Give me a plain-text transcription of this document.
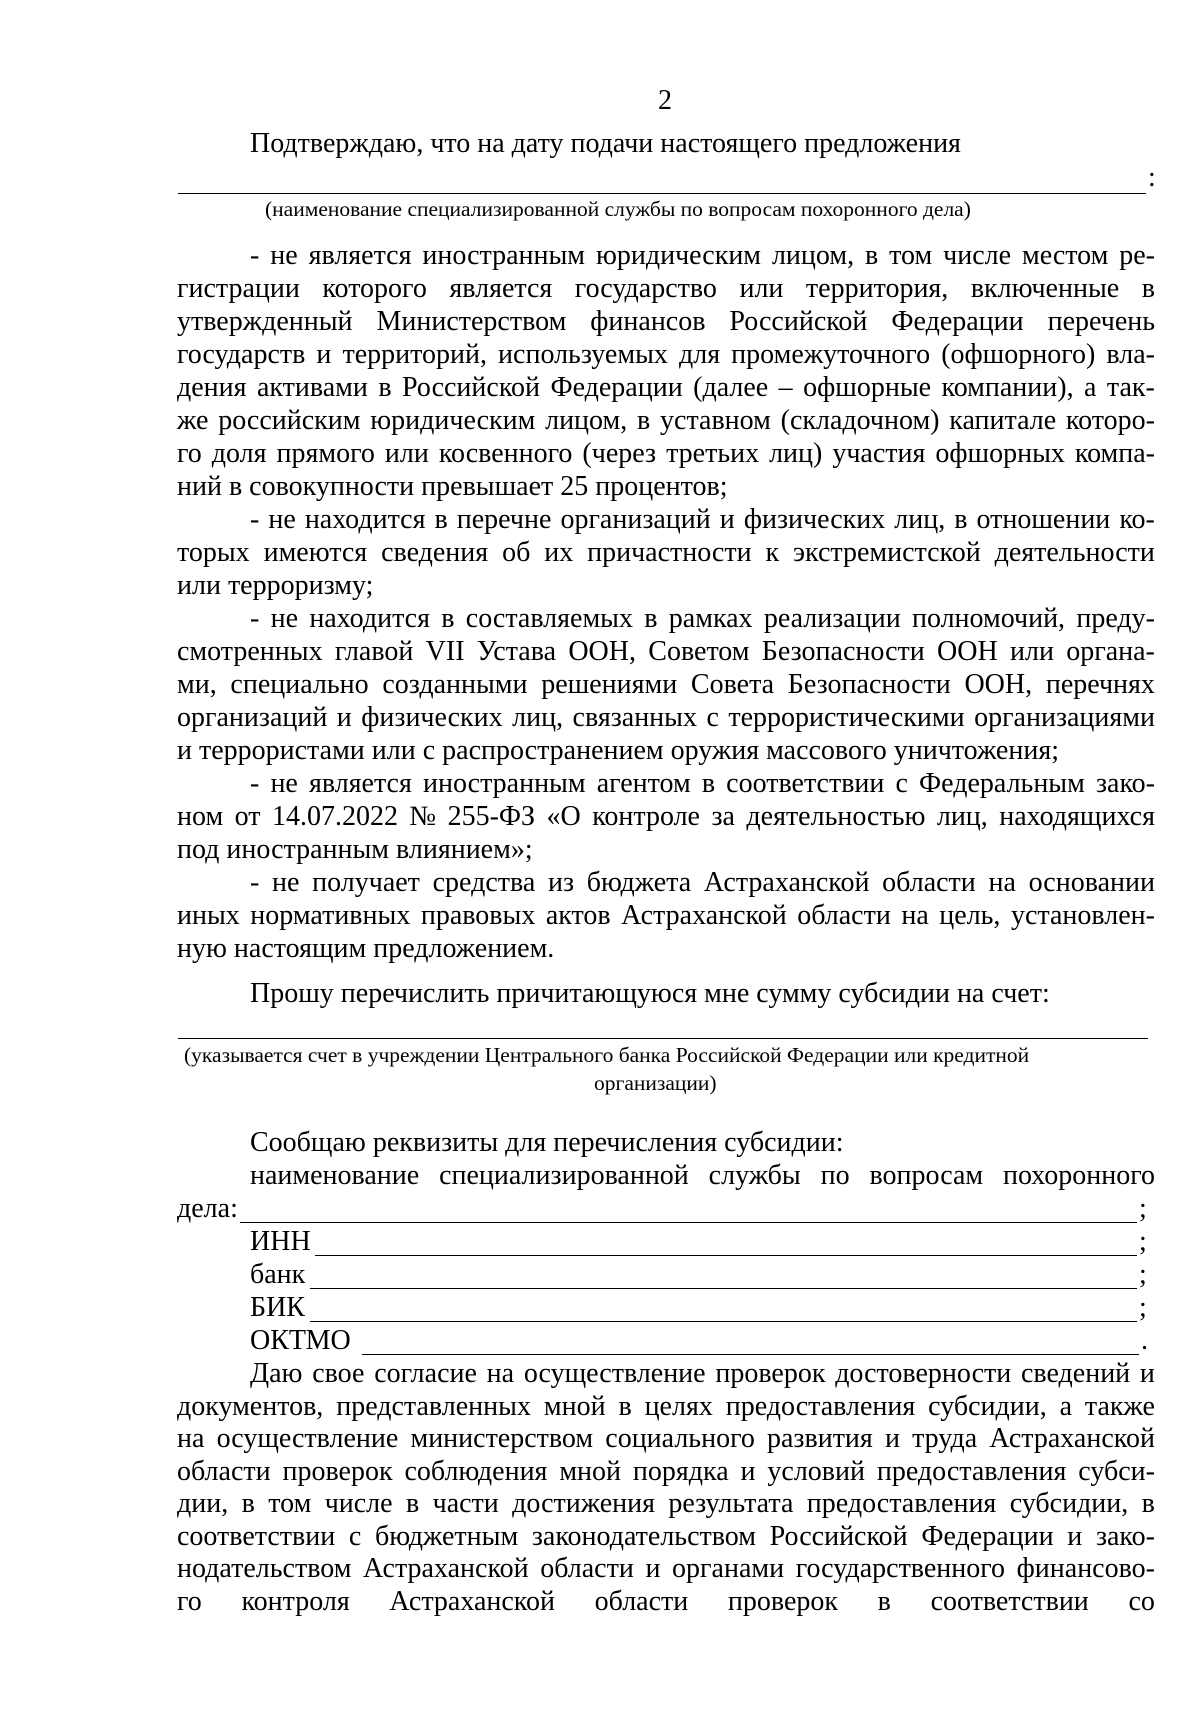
2
Подтверждаю, что на дату подачи настоящего предложения
:
(наименование специализированной службы по вопросам похоронного дела)
- не является иностранным юридическим лицом, в том числе местом ре-
гистрации которого является государство или территория, включенные в
утвержденный Министерством финансов Российской Федерации перечень
государств и территорий, используемых для промежуточного (офшорного) вла-
дения активами в Российской Федерации (далее – офшорные компании), а так-
же российским юридическим лицом, в уставном (складочном) капитале которо-
го доля прямого или косвенного (через третьих лиц) участия офшорных компа-
ний в совокупности превышает 25 процентов;
- не находится в перечне организаций и физических лиц, в отношении ко-
торых имеются сведения об их причастности к экстремистской деятельности
или терроризму;
- не находится в составляемых в рамках реализации полномочий, преду-
смотренных главой VII Устава ООН, Советом Безопасности ООН или органа-
ми, специально созданными решениями Совета Безопасности ООН, перечнях
организаций и физических лиц, связанных с террористическими организациями
и террористами или с распространением оружия массового уничтожения;
- не является иностранным агентом в соответствии с Федеральным зако-
ном от 14.07.2022 № 255-ФЗ «О контроле за деятельностью лиц, находящихся
под иностранным влиянием»;
- не получает средства из бюджета Астраханской области на основании
иных нормативных правовых актов Астраханской области на цель, установлен-
ную настоящим предложением.
Прошу перечислить причитающуюся мне сумму субсидии на счет:
(указывается счет в учреждении Центрального банка Российской Федерации или кредитной
организации)
Сообщаю реквизиты для перечисления субсидии:
наименование специализированной службы по вопросам похоронного
дела:	;
ИНН	;
банк	;
БИК	;
ОКТМО	.
Даю свое согласие на осуществление проверок достоверности сведений и
документов, представленных мной в целях предоставления субсидии, а также
на осуществление министерством социального развития и труда Астраханской
области проверок соблюдения мной порядка и условий предоставления субси-
дии, в том числе в части достижения результата предоставления субсидии, в
соответствии с бюджетным законодательством Российской Федерации и зако-
нодательством Астраханской области и органами государственного финансово-
го контроля Астраханской области проверок в соответствии со
